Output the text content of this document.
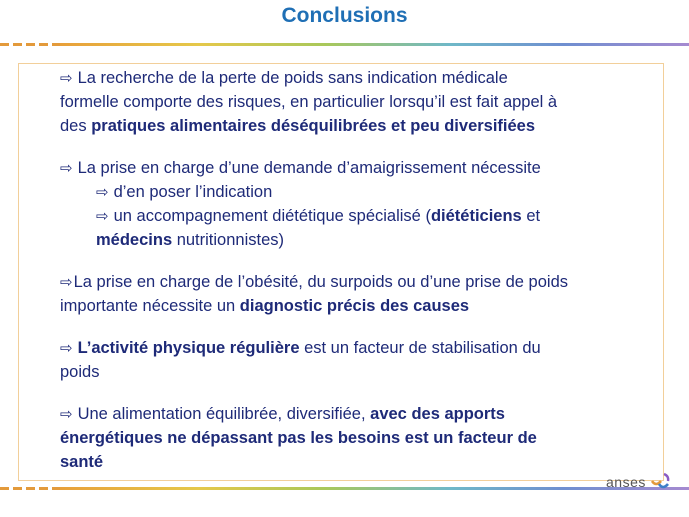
Conclusions
⇨ La recherche de la perte de poids sans indication médicale
formelle comporte des risques, en particulier lorsqu’il est fait appel à
des pratiques alimentaires déséquilibrées et peu diversifiées
⇨ La prise en charge d’une demande d’amaigrissement nécessite
⇨ d’en poser l’indication
⇨ un accompagnement diététique spécialisé (diététiciens et
médecins nutritionnistes)
⇨La prise en charge de l’obésité, du surpoids ou d’une prise de poids
importante nécessite un diagnostic précis des causes
⇨ L’activité physique régulière est un facteur de stabilisation du
poids
⇨ Une alimentation équilibrée, diversifiée, avec des apports
énergétiques ne dépassant pas les besoins est un facteur de
santé
anses
